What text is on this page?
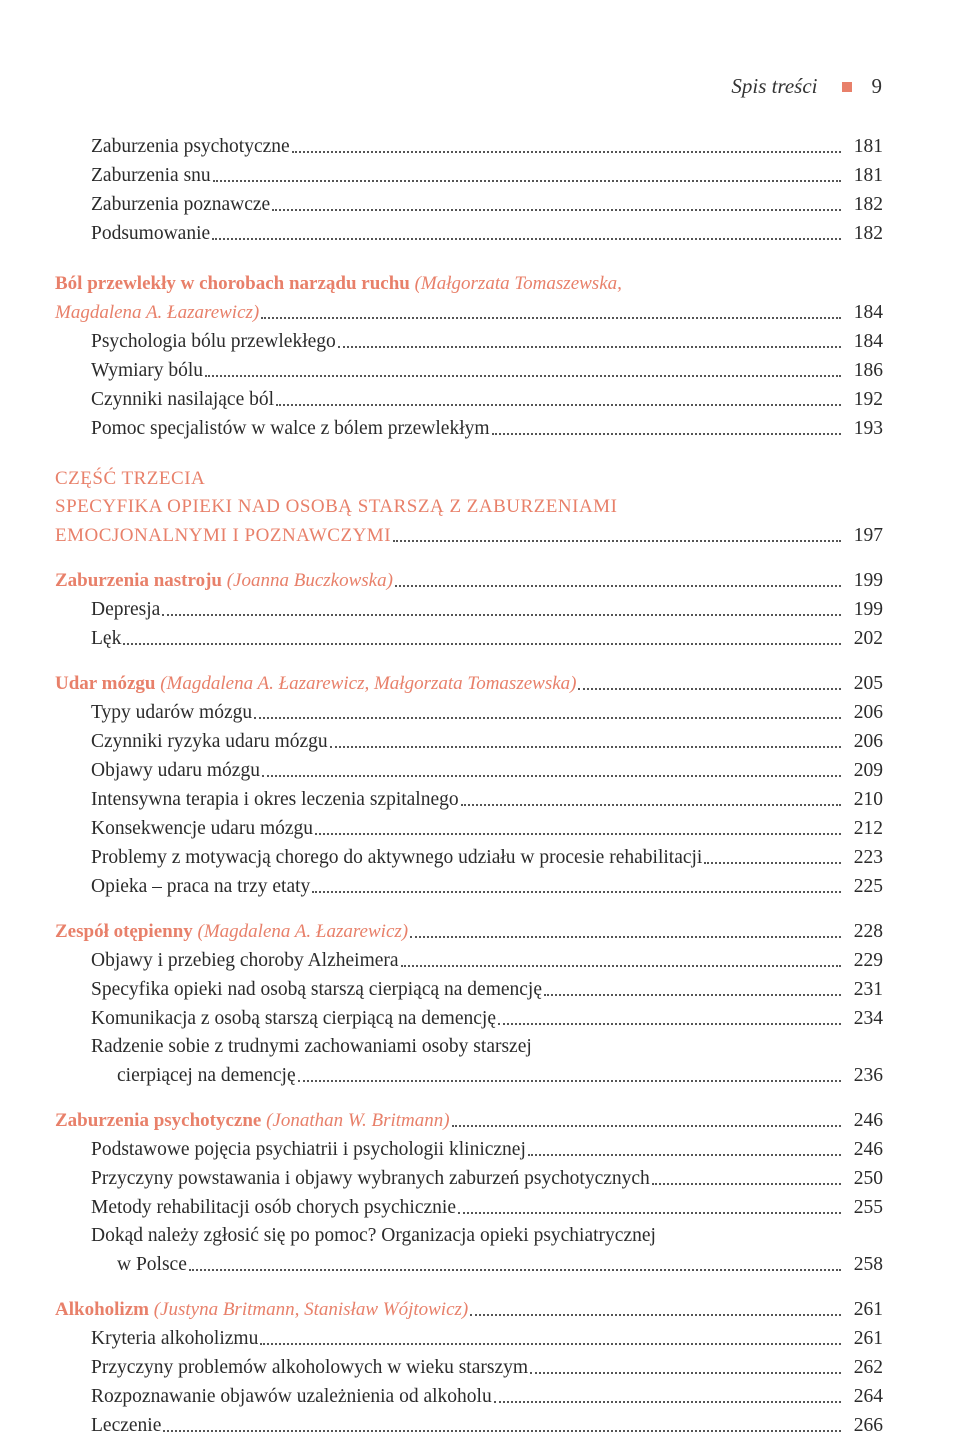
Spis treści	9
Zaburzenia psychotyczne	181
Zaburzenia snu	181
Zaburzenia poznawcze	182
Podsumowanie	182
Ból przewlekły w chorobach narządu ruchu (Małgorzata Tomaszewska,
Magdalena A. Łazarewicz)	184
Psychologia bólu przewlekłego	184
Wymiary bólu	186
Czynniki nasilające ból	192
Pomoc specjalistów w walce z bólem przewlekłym	193
CZĘŚĆ TRZECIA
SPECYFIKA OPIEKI NAD OSOBĄ STARSZĄ Z ZABURZENIAMI
EMOCJONALNYMI I POZNAWCZYMI	197
Zaburzenia nastroju (Joanna Buczkowska)	199
Depresja	199
Lęk	202
Udar mózgu (Magdalena A. Łazarewicz, Małgorzata Tomaszewska)	205
Typy udarów mózgu	206
Czynniki ryzyka udaru mózgu	206
Objawy udaru mózgu	209
Intensywna terapia i okres leczenia szpitalnego	210
Konsekwencje udaru mózgu	212
Problemy z motywacją chorego do aktywnego udziału w procesie rehabilitacji	223
Opieka – praca na trzy etaty	225
Zespół otępienny (Magdalena A. Łazarewicz)	228
Objawy i przebieg choroby Alzheimera	229
Specyfika opieki nad osobą starszą cierpiącą na demencję	231
Komunikacja z osobą starszą cierpiącą na demencję	234
Radzenie sobie z trudnymi zachowaniami osoby starszej
cierpiącej na demencję	236
Zaburzenia psychotyczne (Jonathan W. Britmann)	246
Podstawowe pojęcia psychiatrii i psychologii klinicznej	246
Przyczyny powstawania i objawy wybranych zaburzeń psychotycznych	250
Metody rehabilitacji osób chorych psychicznie	255
Dokąd należy zgłosić się po pomoc? Organizacja opieki psychiatrycznej
w Polsce	258
Alkoholizm (Justyna Britmann, Stanisław Wójtowicz)	261
Kryteria alkoholizmu	261
Przyczyny problemów alkoholowych w wieku starszym	262
Rozpoznawanie objawów uzależnienia od alkoholu	264
Leczenie	266
